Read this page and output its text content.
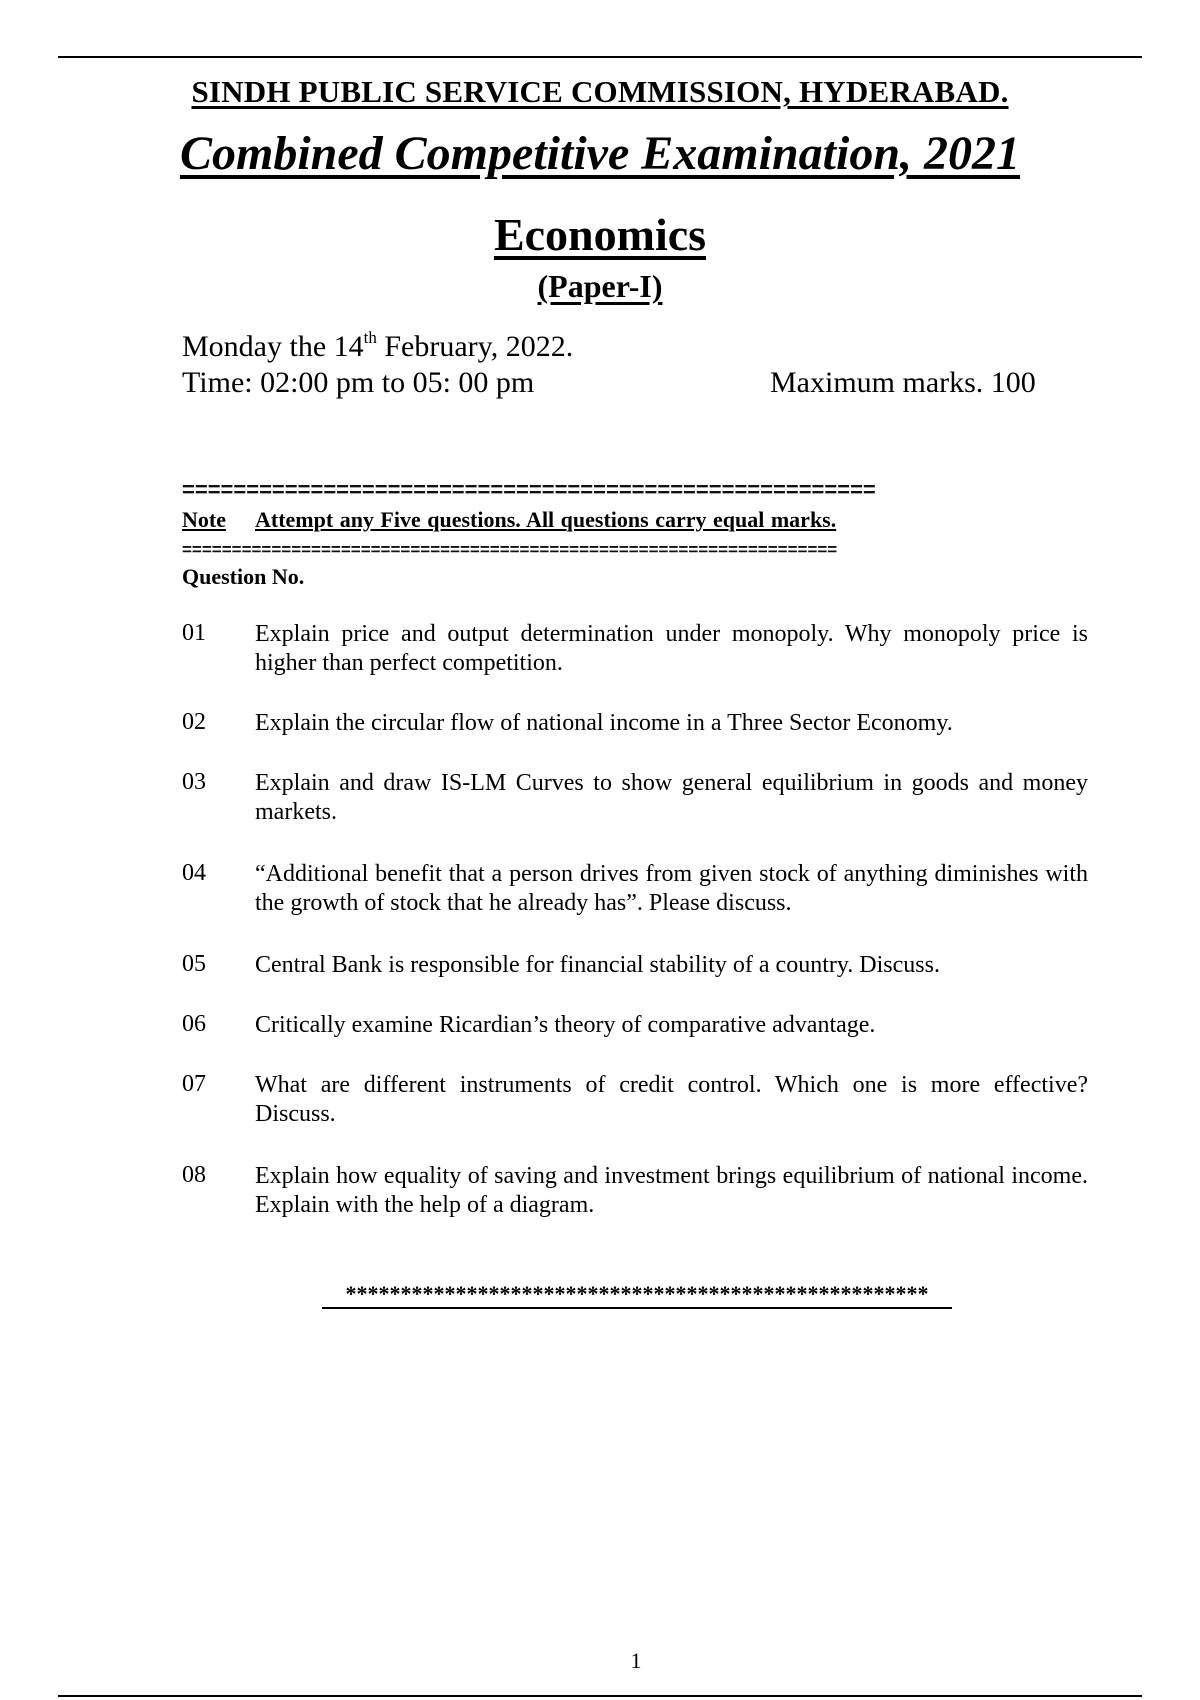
SINDH PUBLIC SERVICE COMMISSION, HYDERABAD.
Combined Competitive Examination, 2021
Economics
(Paper-I)
Monday the 14th February, 2022.
Time: 02:00 pm to 05: 00 pm	Maximum marks. 100
======================================================
Note Attempt any Five questions. All questions carry equal marks.
==================================================================
Question No.
01 Explain price and output determination under monopoly. Why monopoly price is higher than perfect competition.
02 Explain the circular flow of national income in a Three Sector Economy.
03 Explain and draw IS-LM Curves to show general equilibrium in goods and money markets.
04 “Additional benefit that a person drives from given stock of anything diminishes with the growth of stock that he already has”. Please discuss.
05 Central Bank is responsible for financial stability of a country. Discuss.
06 Critically examine Ricardian’s theory of comparative advantage.
07 What are different instruments of credit control. Which one is more effective? Discuss.
08 Explain how equality of saving and investment brings equilibrium of national income. Explain with the help of a diagram.
*****************************************************
1
